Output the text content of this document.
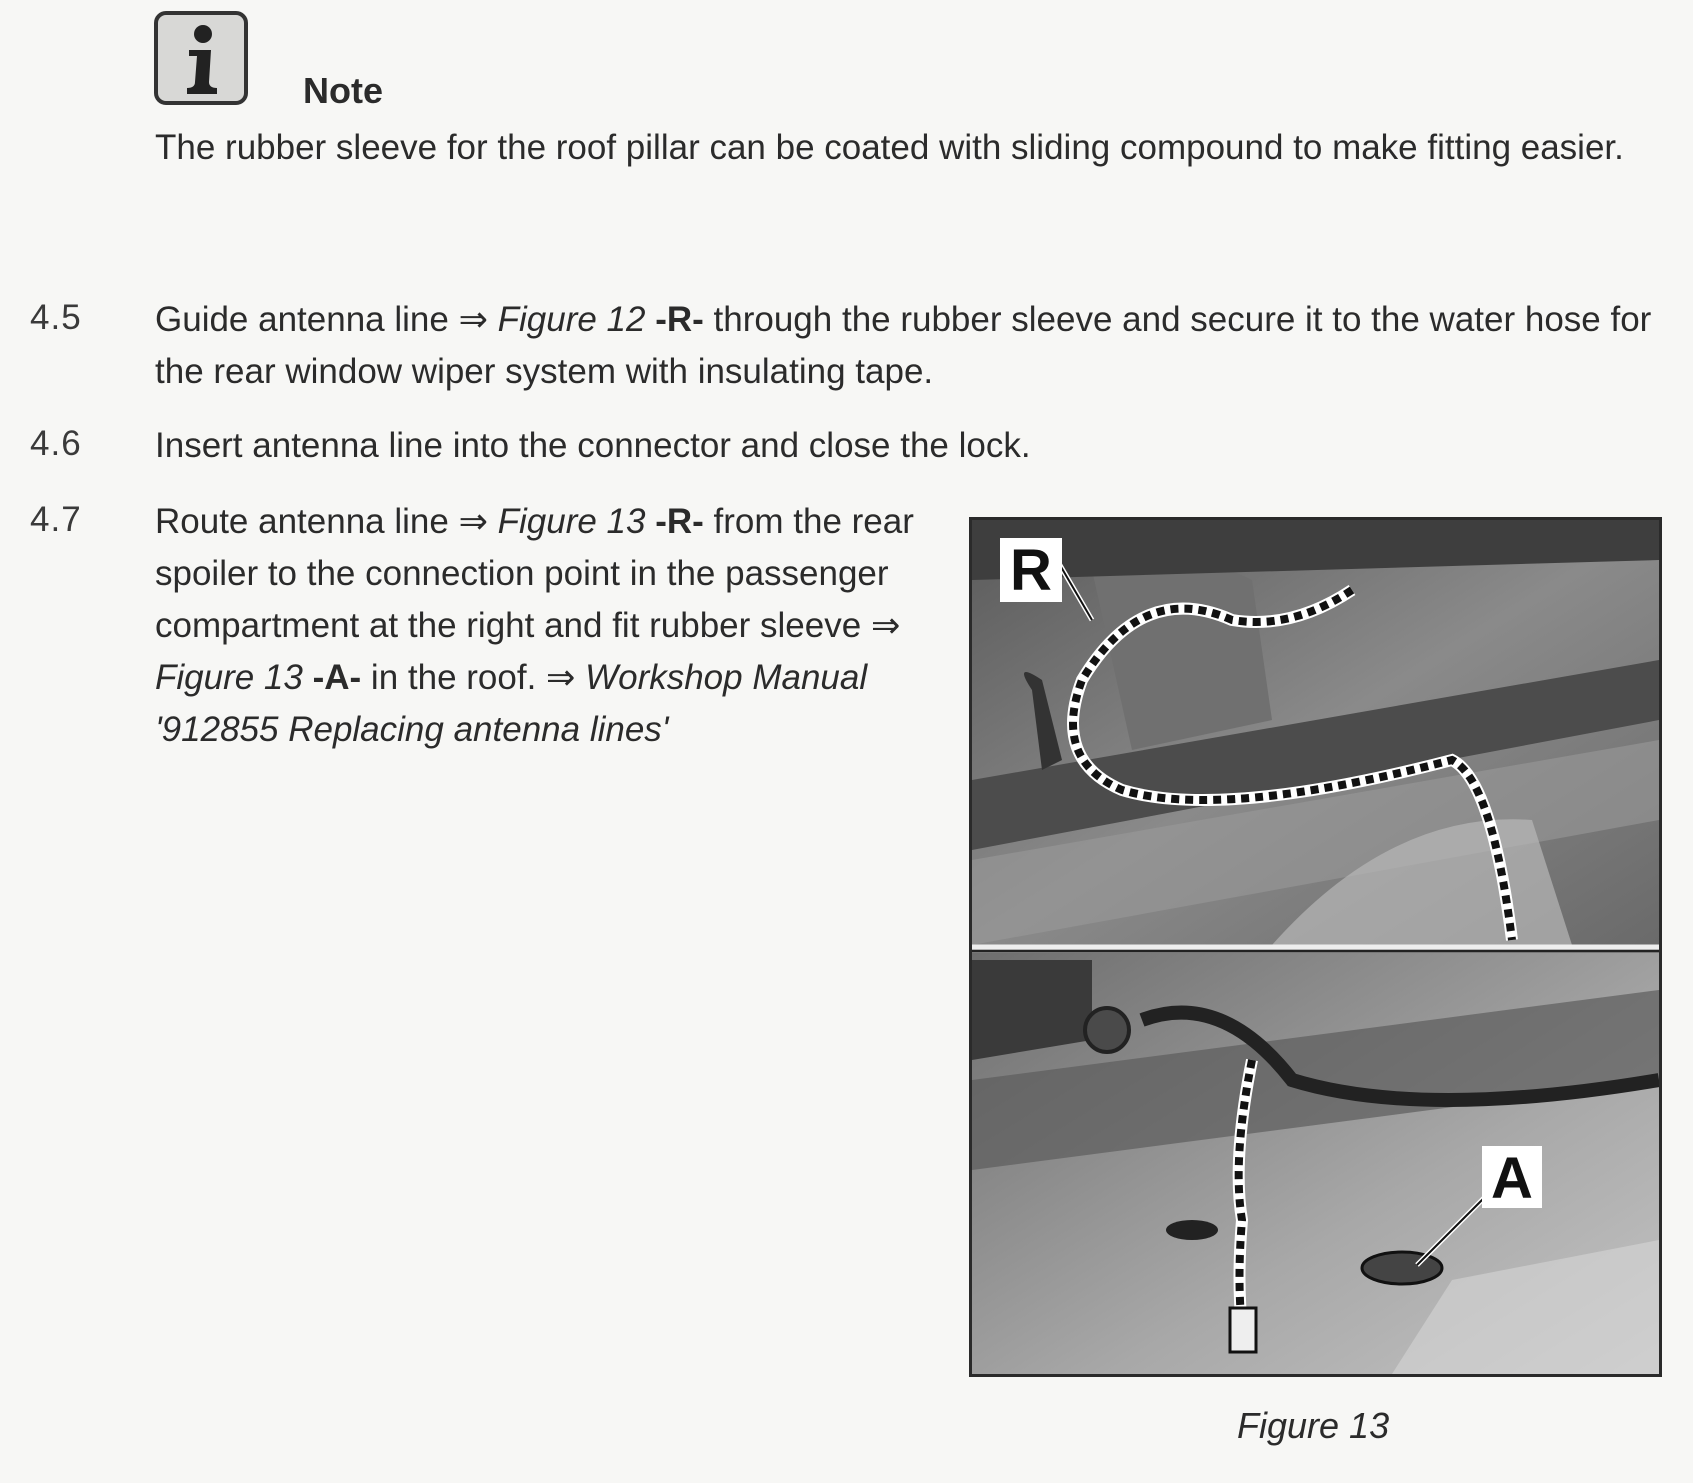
Note
The rubber sleeve for the roof pillar can be coated with sliding compound to make fitting easier.
4.5 Guide antenna line ⇒ Figure 12 -R- through the rubber sleeve and secure it to the water hose for the rear window wiper system with insulating tape.
4.6 Insert antenna line into the connector and close the lock.
4.7 Route antenna line ⇒ Figure 13 -R- from the rear spoiler to the connection point in the passenger compartment at the right and fit rubber sleeve ⇒ Figure 13 -A- in the roof. ⇒ Workshop Manual '912855 Replacing antenna lines'
R
A
Figure 13
